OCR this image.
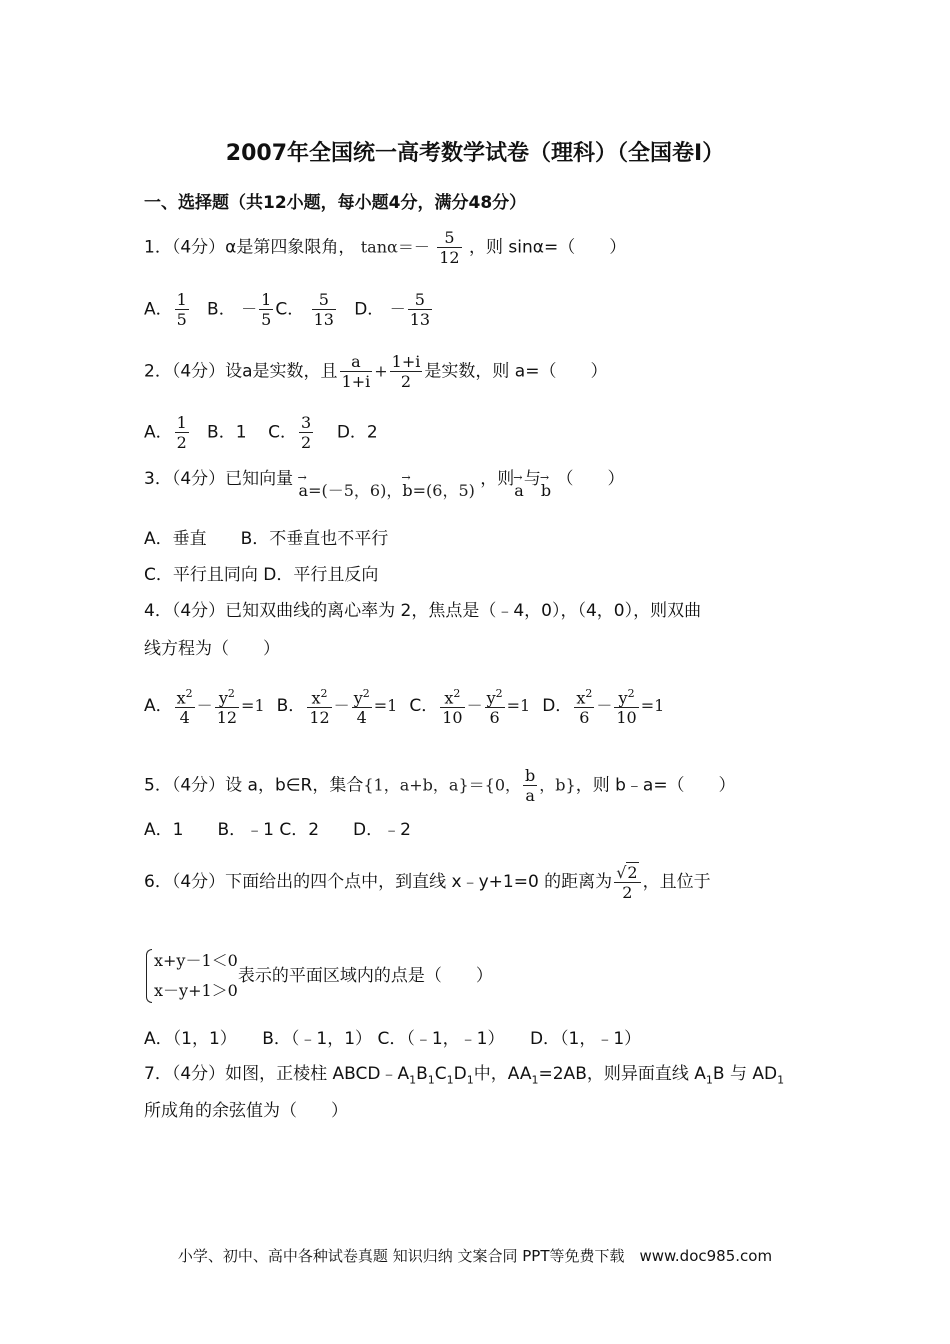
2007年全国统一高考数学试卷（理科）（全国卷I）
一、选择题（共12小题，每小题4分，满分48分）
1．（4分）α是第四象限角， $\tan\alpha=- \frac{5}{12}$ ，则 sinα=（　　）
A． $\frac{1}{5}$ B． － $\frac{1}{5}$ C． $\frac{5}{13}$ D． － $\frac{5}{13}$
2．（4分）设a是实数，且 $\frac{a}{1+i} + \frac{1+i}{2}$ 是实数，则 a=（　　）
A． $\frac{1}{2}$ B．1 C． $\frac{3}{2}$ D．2
3．（4分）已知向量 → a=(－5，6)，→ b=(6，5) ，则→ a与→ b （　　）
A．垂直　　B．不垂直也不平行
C．平行且同向 D．平行且反向
4．（4分）已知双曲线的离心率为 2，焦点是（﹣4，0），（4，0），则双曲
线方程为（　　）
A． $\frac{x^2}{4} - \frac{y^2}{12} =1$ B． $\frac{x^2}{12} - \frac{y^2}{4} =1$ C． $\frac{x^2}{10} - \frac{y^2}{6} =1$ D． $\frac{x^2}{6} - \frac{y^2}{10} =1$
5．（4分）设 a，b∈R，集合{1，a+b，a}＝{0， $\frac{b}{a}$ ，b}，则 b﹣a=（　　）
A．1　　B．﹣1 C．2　　D．﹣2
6．（4分）下面给出的四个点中，到直线 x﹣y+1=0 的距离为 $\frac{√2}{2}$ ，且位于
x+y－1＜0
x－y+1＞0
表示的平面区域内的点是（　　）
A．（1，1）　　B．（﹣1，1） C．（﹣1，﹣1）　　D．（1，﹣1）
7．（4分）如图，正棱柱 $ABCD﹣A_1B_1C_1D_1$中，$AA_1=2AB$，则异面直线 $A_1B$ 与 $AD_1$
所成角的余弦值为（　　）
小学、初中、高中各种试卷真题 知识归纳 文案合同 PPT等免费下载　www.doc985.com
